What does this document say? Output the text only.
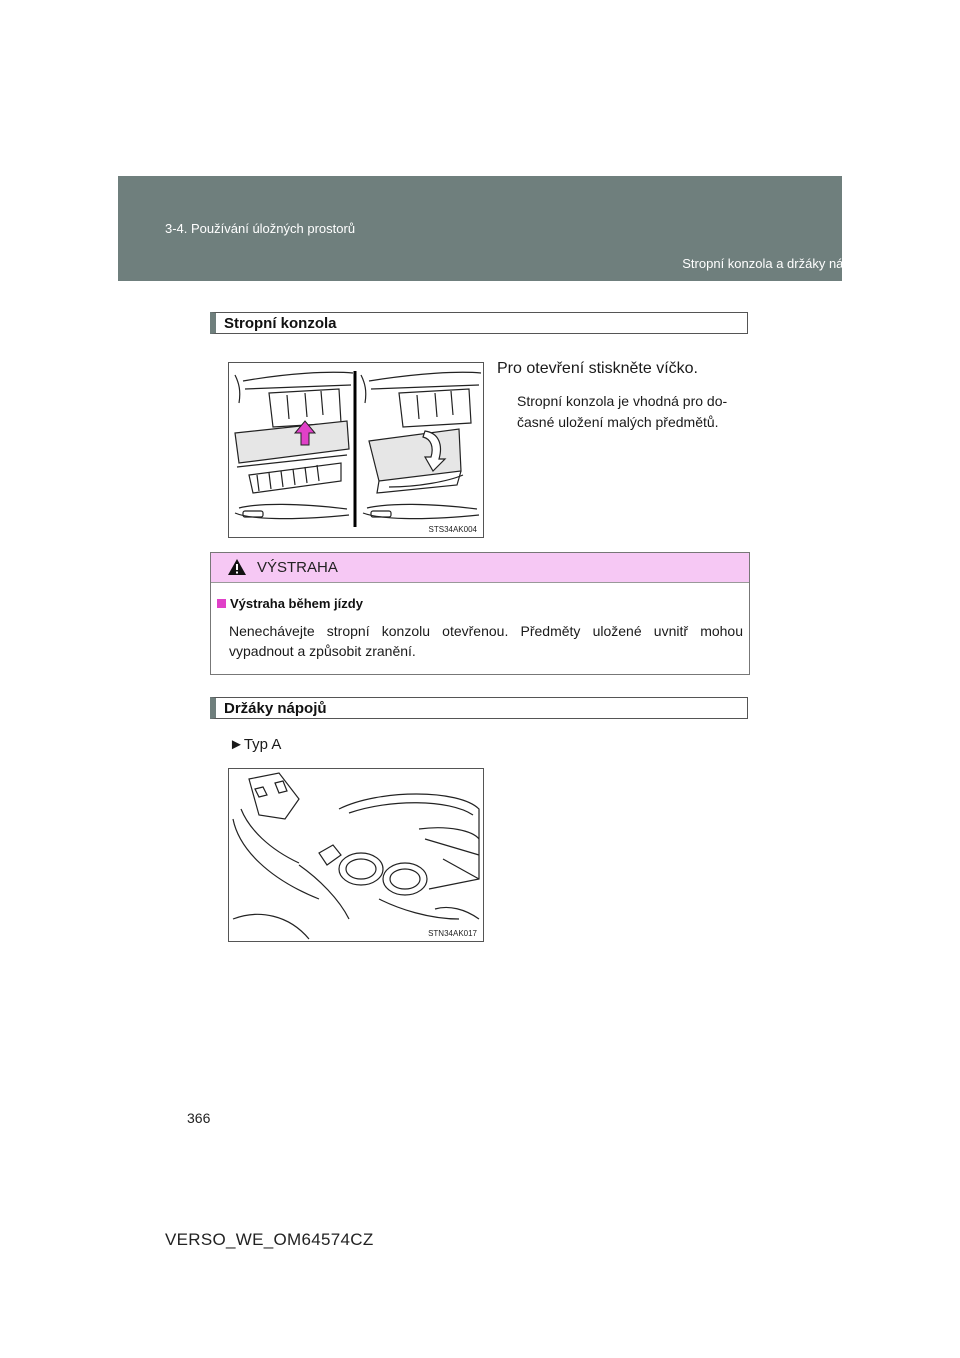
3-4. Používání úložných prostorů
Stropní konzola a držáky nápojů
Stropní konzola
STS34AK004
Pro otevření stiskněte víčko.
Stropní konzola je vhodná pro do-
časné uložení malých předmětů.
VÝSTRAHA
Výstraha během jízdy
Nenechávejte stropní konzolu otevřenou. Předměty uložené uvnitř mohou vypadnout a způsobit zranění.
Držáky nápojů
►Typ A
STN34AK017
366
VERSO_WE_OM64574CZ
